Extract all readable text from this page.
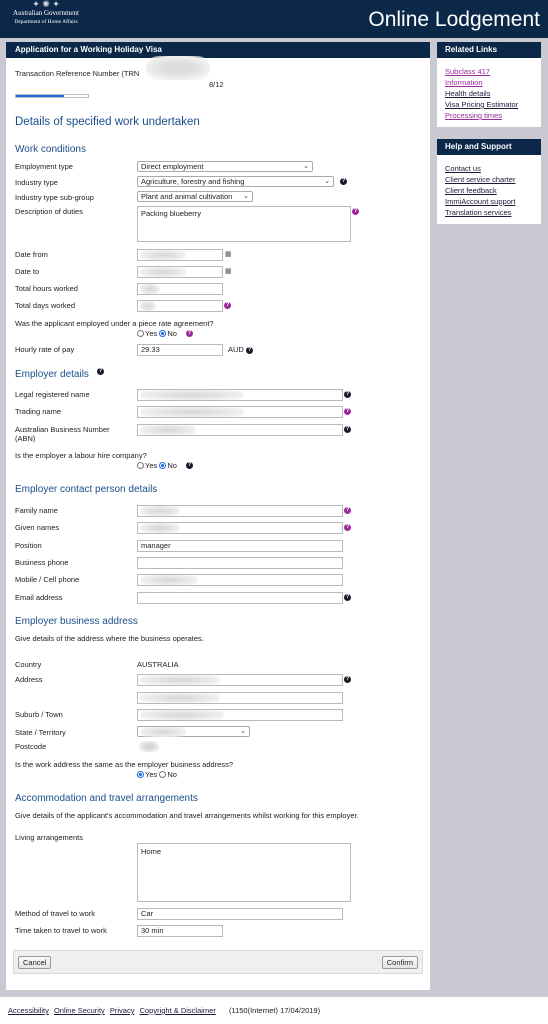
✦ ✺ ✦
Australian Government
Department of Home Affairs	Online Lodgement
Application for a Working Holiday Visa
Transaction Reference Number (TRN
8/12
Details of specified work undertaken
Work conditions
Employment type	Direct employment	⌄
Industry type	Agriculture, forestry and fishing	⌄	?
Industry type sub-group	Plant and animal cultivation ⌄
Description of duties	Packing blueberry	?
Date from	▦
Date to	▦
Total hours worked
Total days worked	?
Was the applicant employed under a piece rate agreement?
Yes No	?
Hourly rate of pay	29.33	AUD ?
Employer details	?
Legal registered name	?
Trading name	?
Australian Business Number
(ABN)
?
Is the employer a labour hire company?
Yes No	?
Employer contact person details
Family name	?
Given names	?
Position	manager
Business phone
Mobile / Cell phone
Email address	?
Employer business address
Give details of the address where the business operates.
Country	AUSTRALIA
Address	?
Suburb / Town
State / Territory	⌄
Postcode
Is the work address the same as the employer business address?
Yes No
Accommodation and travel arrangements
Give details of the applicant's accommodation and travel arrangements whilst working for this employer.
Living arrangements
Home
Method of travel to work	Car
Time taken to travel to work	30 min
Cancel	Confirm
Related Links
Subclass 417
Information
Health details
Visa Pricing Estimator
Processing times
Help and Support
Contact us
Client service charter
Client feedback
ImmiAccount support
Translation services
Accessibility Online Security Privacy Copyright & Disclaimer (1150(Internet) 17/04/2019)
